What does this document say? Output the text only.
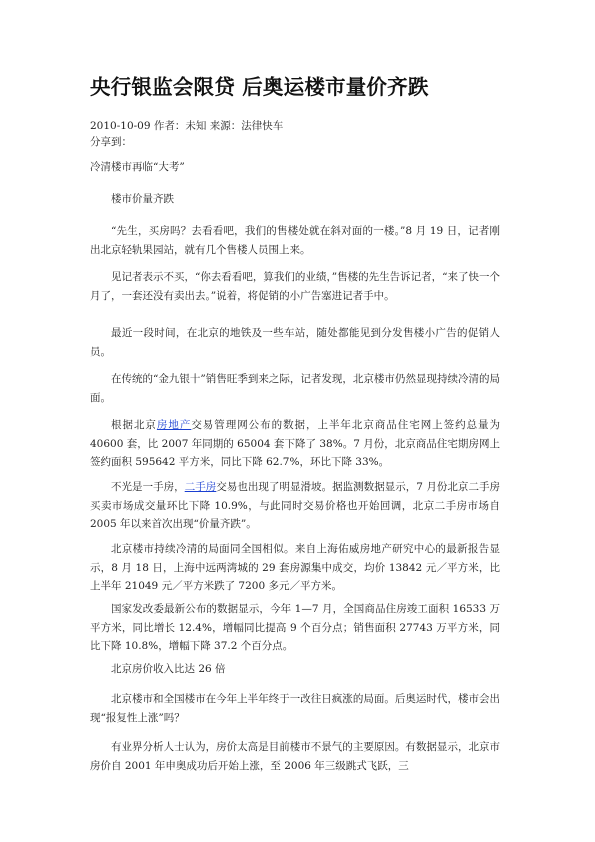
央行银监会限贷 后奥运楼市量价齐跌
2010-10-09 作者：未知 来源：法律快车
分享到：
冷清楼市再临“大考”
楼市价量齐跌
“先生，买房吗？去看看吧，我们的售楼处就在斜对面的一楼。”8 月 19 日，记者刚出北京轻轨果园站，就有几个售楼人员围上来。
见记者表示不买，“你去看看吧，算我们的业绩，”售楼的先生告诉记者，“来了快一个月了，一套还没有卖出去。”说着，将促销的小广告塞进记者手中。
最近一段时间，在北京的地铁及一些车站，随处都能见到分发售楼小广告的促销人员。
在传统的“金九银十”销售旺季到来之际，记者发现，北京楼市仍然显现持续冷清的局面。
根据北京房地产交易管理网公布的数据，上半年北京商品住宅网上签约总量为 40600 套，比 2007 年同期的 65004 套下降了 38%。7 月份，北京商品住宅期房网上签约面积 595642 平方米，同比下降 62.7%，环比下降 33%。
不光是一手房，二手房交易也出现了明显滑坡。据监测数据显示，7 月份北京二手房买卖市场成交量环比下降 10.9%，与此同时交易价格也开始回调，北京二手房市场自 2005 年以来首次出现“价量齐跌”。
北京楼市持续冷清的局面同全国相似。来自上海佑威房地产研究中心的最新报告显示，8 月 18 日，上海中远两湾城的 29 套房源集中成交，均价 13842 元／平方米，比上半年 21049 元／平方米跌了 7200 多元／平方米。
国家发改委最新公布的数据显示，今年 1—7 月，全国商品住房竣工面积 16533 万平方米，同比增长 12.4%，增幅同比提高 9 个百分点；销售面积 27743 万平方米，同比下降 10.8%，增幅下降 37.2 个百分点。
北京房价收入比达 26 倍
北京楼市和全国楼市在今年上半年终于一改往日疯涨的局面。后奥运时代，楼市会出现“报复性上涨”吗？
有业界分析人士认为，房价太高是目前楼市不景气的主要原因。有数据显示，北京市房价自 2001 年申奥成功后开始上涨，至 2006 年三级跳式飞跃，三
